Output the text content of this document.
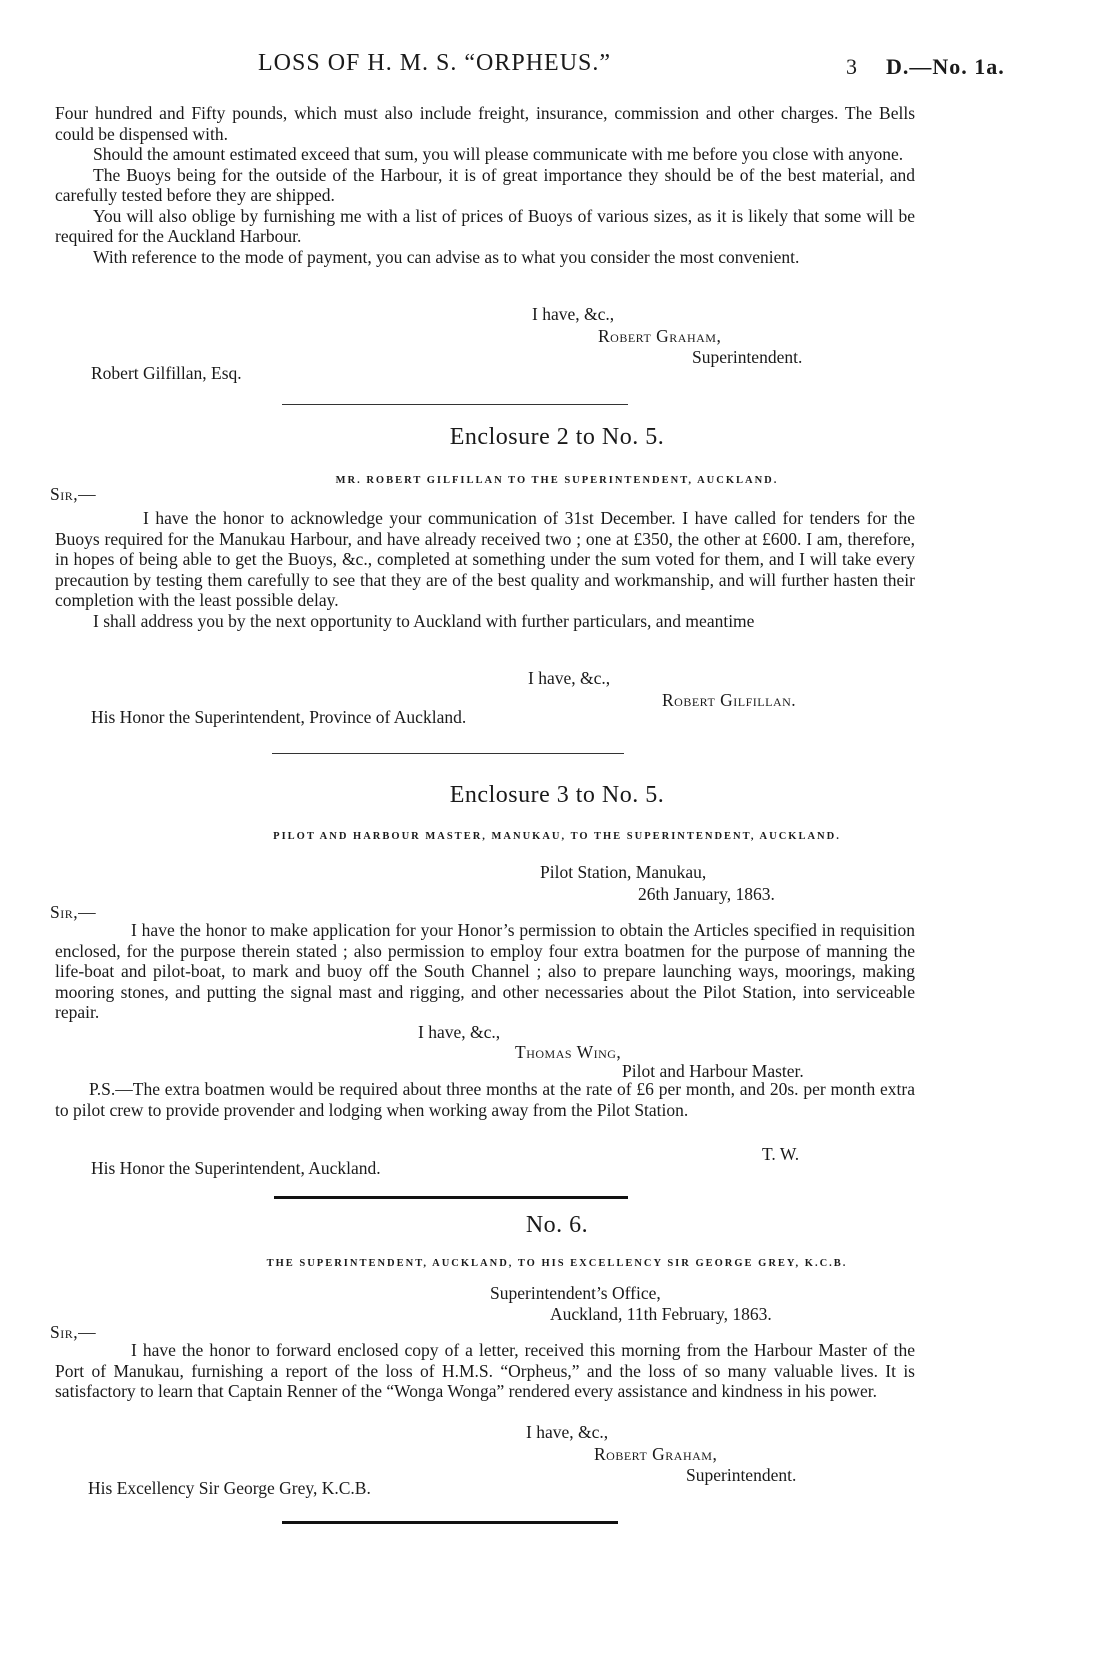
LOSS OF H. M. S. “ORPHEUS.”	3 D.—No. 1a.

Four hundred and Fifty pounds, which must also include freight, insurance, commission and other charges. The Bells could be dispensed with.

Should the amount estimated exceed that sum, you will please communicate with me before you close with anyone.

The Buoys being for the outside of the Harbour, it is of great importance they should be of the best material, and carefully tested before they are shipped.

You will also oblige by furnishing me with a list of prices of Buoys of various sizes, as it is likely that some will be required for the Auckland Harbour.

With reference to the mode of payment, you can advise as to what you consider the most convenient.

I have, &c.,
Robert Graham,
Superintendent.
Robert Gilfillan, Esq.
Enclosure 2 to No. 5.
MR. ROBERT GILFILLAN TO THE SUPERINTENDENT, AUCKLAND.
Sir,—

I have the honor to acknowledge your communication of 31st December. I have called for tenders for the Buoys required for the Manukau Harbour, and have already received two ; one at £350, the other at £600. I am, therefore, in hopes of being able to get the Buoys, &c., completed at something under the sum voted for them, and I will take every precaution by testing them carefully to see that they are of the best quality and workmanship, and will further hasten their completion with the least possible delay.

I shall address you by the next opportunity to Auckland with further particulars, and meantime

I have, &c.,
Robert Gilfillan.
His Honor the Superintendent, Province of Auckland.
Enclosure 3 to No. 5.
PILOT AND HARBOUR MASTER, MANUKAU, TO THE SUPERINTENDENT, AUCKLAND.
Pilot Station, Manukau,
26th January, 1863.
Sir,—

I have the honor to make application for your Honor’s permission to obtain the Articles specified in requisition enclosed, for the purpose therein stated ; also permission to employ four extra boatmen for the purpose of manning the life-boat and pilot-boat, to mark and buoy off the South Channel ; also to prepare launching ways, moorings, making mooring stones, and putting the signal mast and rigging, and other necessaries about the Pilot Station, into serviceable repair.

I have, &c.,
Thomas Wing,
Pilot and Harbour Master.

P.S.—The extra boatmen would be required about three months at the rate of £6 per month, and 20s. per month extra to pilot crew to provide provender and lodging when working away from the Pilot Station.

T. W.
His Honor the Superintendent, Auckland.
No. 6.
THE SUPERINTENDENT, AUCKLAND, TO HIS EXCELLENCY SIR GEORGE GREY, K.C.B.
Superintendent’s Office,
Auckland, 11th February, 1863.
Sir,—

I have the honor to forward enclosed copy of a letter, received this morning from the Harbour Master of the Port of Manukau, furnishing a report of the loss of H.M.S. “Orpheus,” and the loss of so many valuable lives. It is satisfactory to learn that Captain Renner of the “Wonga Wonga” rendered every assistance and kindness in his power.

I have, &c.,
Robert Graham,
Superintendent.
His Excellency Sir George Grey, K.C.B.
